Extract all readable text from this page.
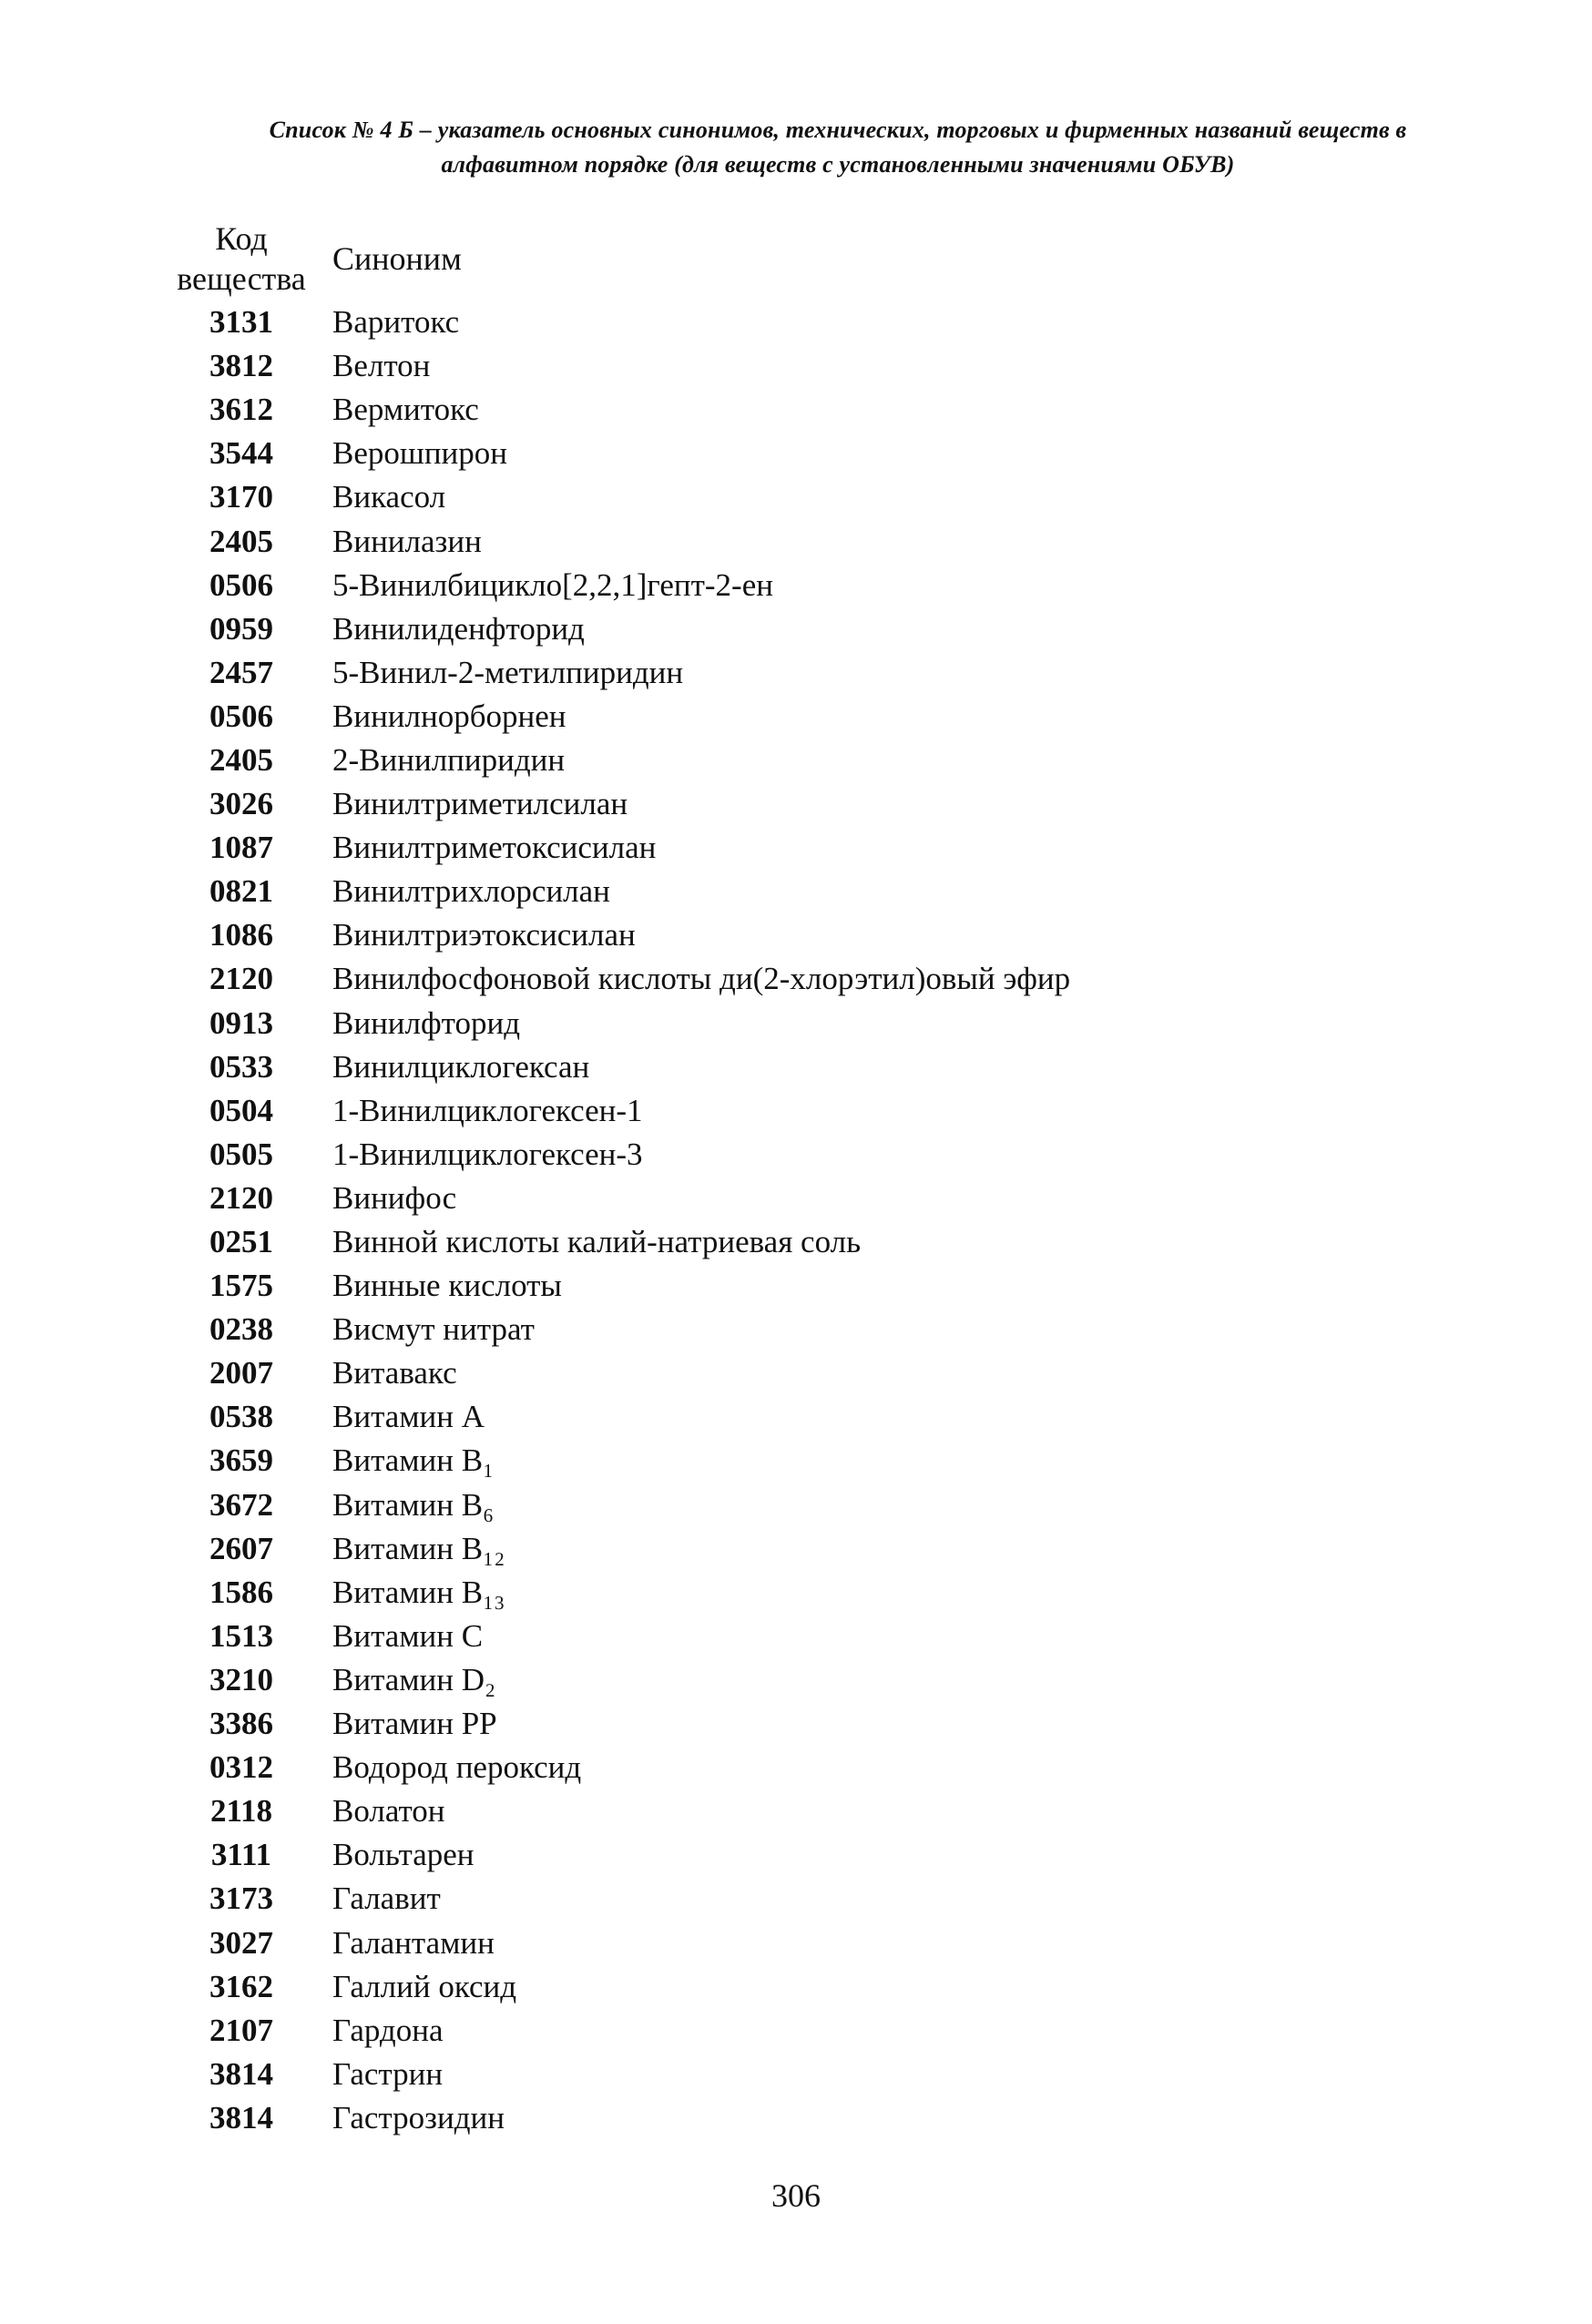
Список № 4 Б – указатель основных синонимов, технических, торговых и фирменных названий веществ в
алфавитном порядке (для веществ с установленными значениями ОБУВ)
Код вещества	Синоним
3131	Варитокс
3812	Велтон
3612	Вермитокс
3544	Верошпирон
3170	Викасол
2405	Винилазин
0506	5-Винилбицикло[2,2,1]гепт-2-ен
0959	Винилиденфторид
2457	5-Винил-2-метилпиридин
0506	Винилнорборнен
2405	2-Винилпиридин
3026	Винилтриметилсилан
1087	Винилтриметоксисилан
0821	Винилтрихлорсилан
1086	Винилтриэтоксисилан
2120	Винилфосфоновой кислоты ди(2-хлорэтил)овый эфир
0913	Винилфторид
0533	Винилциклогексан
0504	1-Винилциклогексен-1
0505	1-Винилциклогексен-3
2120	Винифос
0251	Винной кислоты калий-натриевая соль
1575	Винные кислоты
0238	Висмут нитрат
2007	Витавакс
0538	Витамин А
3659	Витамин B₁
3672	Витамин B₆
2607	Витамин B₁₂
1586	Витамин B₁₃
1513	Витамин С
3210	Витамин D₂
3386	Витамин РР
0312	Водород пероксид
2118	Волатон
3111	Вольтарен
3173	Галавит
3027	Галантамин
3162	Галлий оксид
2107	Гардона
3814	Гастрин
3814	Гастрозидин
306
